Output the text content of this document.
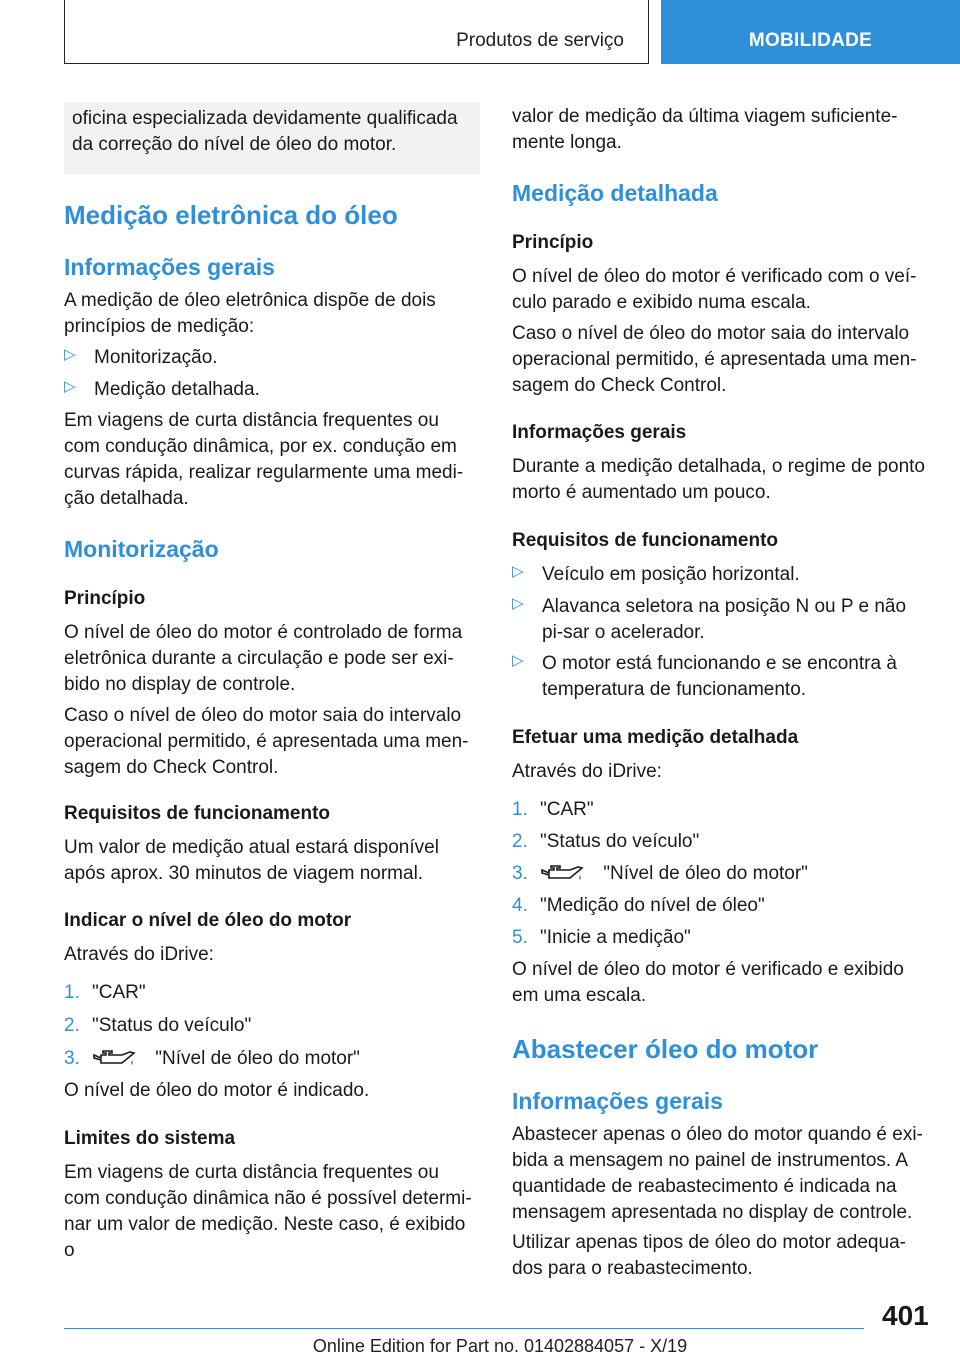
Produtos de serviço	MOBILIDADE

oficina especializada devidamente qualificada da correção do nível de óleo do motor.

Medição eletrônica do óleo
Informações gerais

A medição de óleo eletrônica dispõe de dois princípios de medição:

▷ Monitorização.
▷ Medição detalhada.

Em viagens de curta distância frequentes ou com condução dinâmica, por ex. condução em curvas rápida, realizar regularmente uma medi-ção detalhada.

Monitorização
Princípio

O nível de óleo do motor é controlado de forma eletrônica durante a circulação e pode ser exi-bido no display de controle.

Caso o nível de óleo do motor saia do intervalo operacional permitido, é apresentada uma men-sagem do Check Control.

Requisitos de funcionamento

Um valor de medição atual estará disponível após aprox. 30 minutos de viagem normal.

Indicar o nível de óleo do motor

Através do iDrive:

1. "CAR"
2. "Status do veículo"
3.	"Nível de óleo do motor"

O nível de óleo do motor é indicado.

Limites do sistema

Em viagens de curta distância frequentes ou com condução dinâmica não é possível determi-nar um valor de medição. Neste caso, é exibido o

valor de medição da última viagem suficiente-mente longa.

Medição detalhada
Princípio

O nível de óleo do motor é verificado com o veí-culo parado e exibido numa escala.

Caso o nível de óleo do motor saia do intervalo operacional permitido, é apresentada uma men-sagem do Check Control.

Informações gerais

Durante a medição detalhada, o regime de ponto morto é aumentado um pouco.

Requisitos de funcionamento
▷ Veículo em posição horizontal.
▷ Alavanca seletora na posição N ou P e não pi-sar o acelerador.
▷ O motor está funcionando e se encontra à temperatura de funcionamento.
Efetuar uma medição detalhada

Através do iDrive:

1. "CAR"
2. "Status do veículo"
3.	"Nível de óleo do motor"
4. "Medição do nível de óleo"
5. "Inicie a medição"

O nível de óleo do motor é verificado e exibido em uma escala.

Abastecer óleo do motor
Informações gerais

Abastecer apenas o óleo do motor quando é exi-bida a mensagem no painel de instrumentos. A quantidade de reabastecimento é indicada na mensagem apresentada no display de controle.

Utilizar apenas tipos de óleo do motor adequa-dos para o reabastecimento.

401
Online Edition for Part no. 01402884057 - X/19
